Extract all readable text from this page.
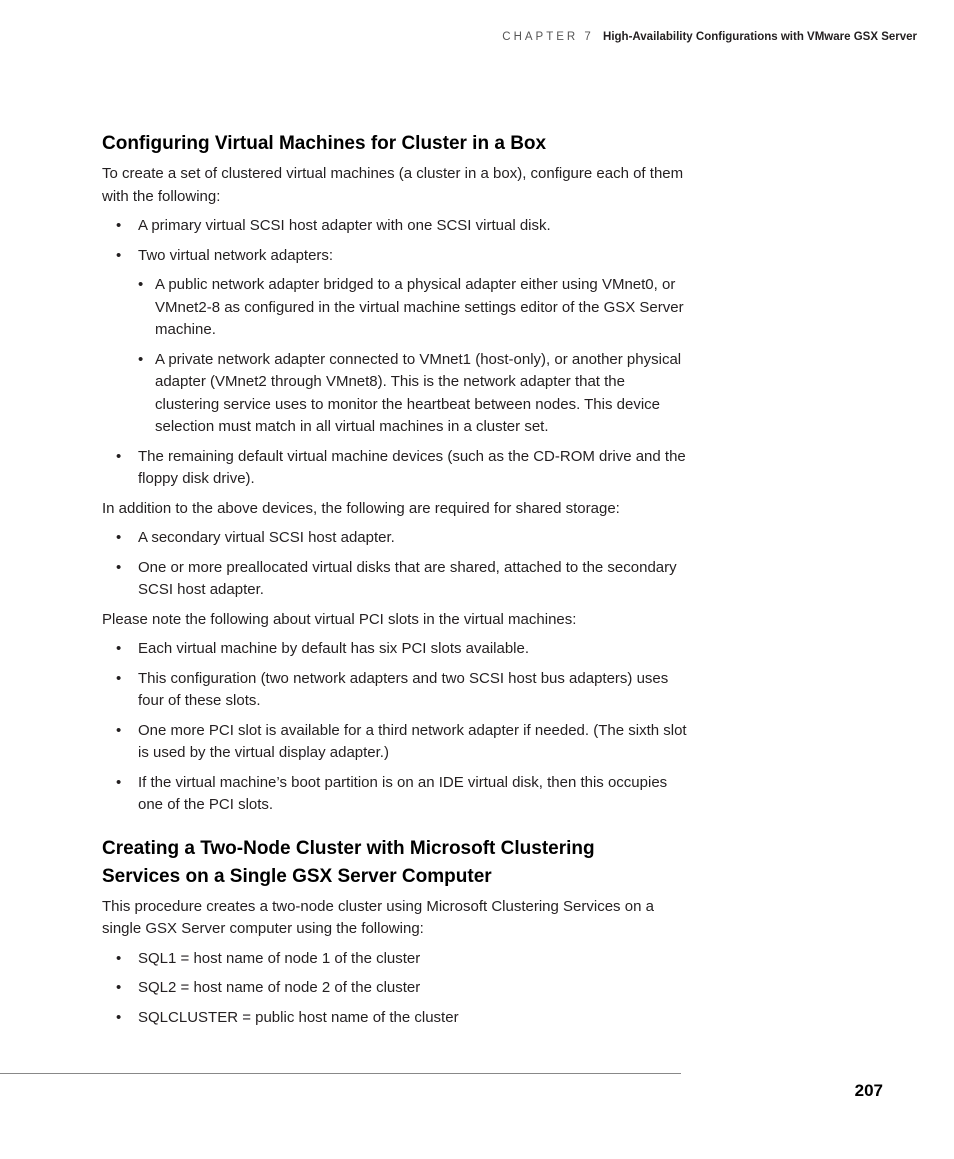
CHAPTER 7 High-Availability Configurations with VMware GSX Server
Configuring Virtual Machines for Cluster in a Box

To create a set of clustered virtual machines (a cluster in a box), configure each of them with the following:

• A primary virtual SCSI host adapter with one SCSI virtual disk.
• Two virtual network adapters:
• A public network adapter bridged to a physical adapter either using VMnet0, or VMnet2-8 as configured in the virtual machine settings editor of the GSX Server machine.
• A private network adapter connected to VMnet1 (host-only), or another physical adapter (VMnet2 through VMnet8). This is the network adapter that the clustering service uses to monitor the heartbeat between nodes. This device selection must match in all virtual machines in a cluster set.
• The remaining default virtual machine devices (such as the CD-ROM drive and the floppy disk drive).

In addition to the above devices, the following are required for shared storage:

• A secondary virtual SCSI host adapter.
• One or more preallocated virtual disks that are shared, attached to the secondary SCSI host adapter.

Please note the following about virtual PCI slots in the virtual machines:

• Each virtual machine by default has six PCI slots available.
• This configuration (two network adapters and two SCSI host bus adapters) uses four of these slots.
• One more PCI slot is available for a third network adapter if needed. (The sixth slot is used by the virtual display adapter.)
• If the virtual machine’s boot partition is on an IDE virtual disk, then this occupies one of the PCI slots.
Creating a Two-Node Cluster with Microsoft Clustering Services on a Single GSX Server Computer

This procedure creates a two-node cluster using Microsoft Clustering Services on a single GSX Server computer using the following:

• SQL1 = host name of node 1 of the cluster
• SQL2 = host name of node 2 of the cluster
• SQLCLUSTER = public host name of the cluster
207
